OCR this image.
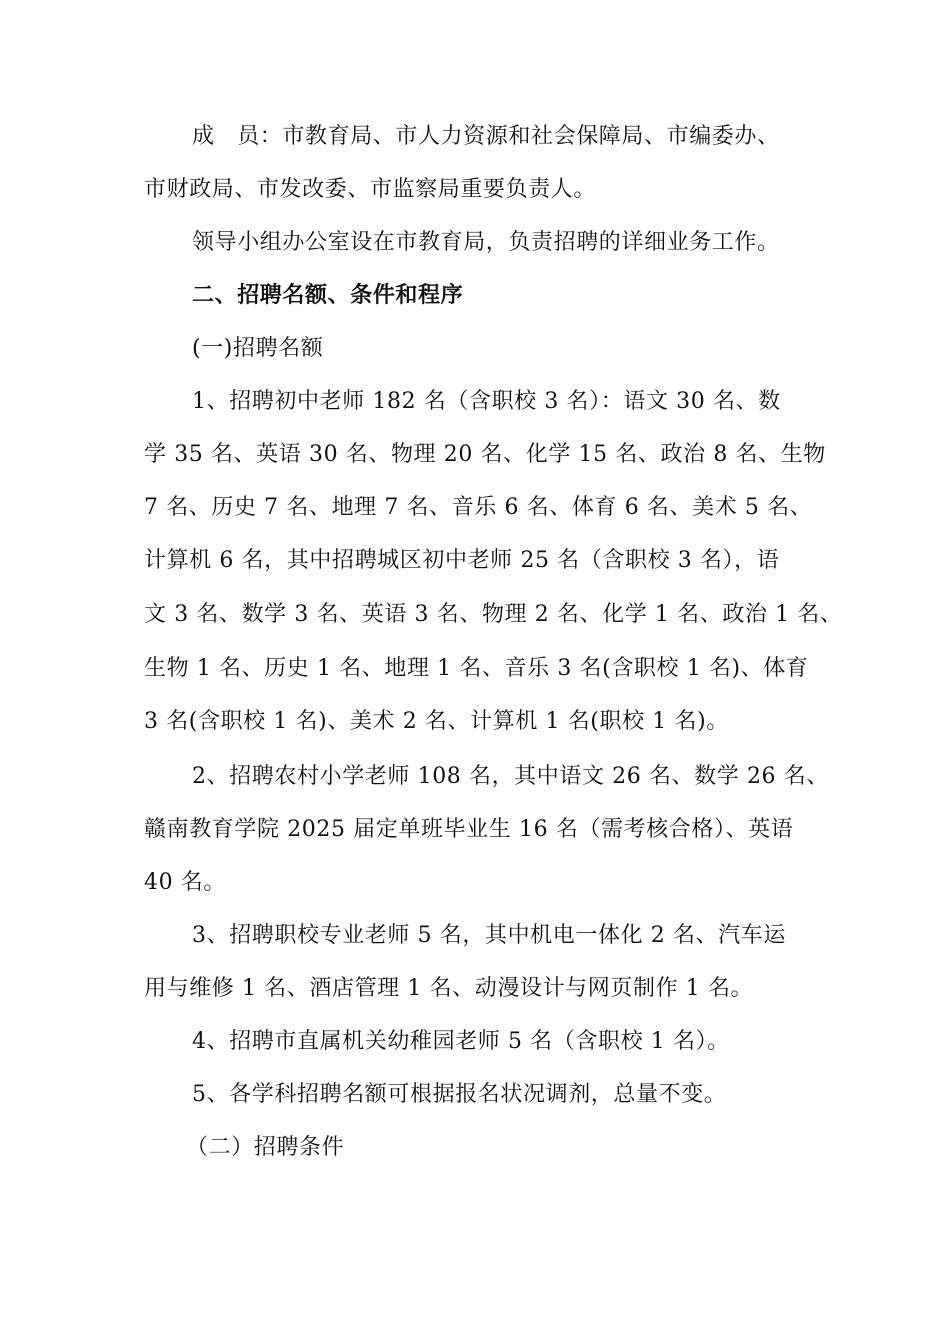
成　员：市教育局、市人力资源和社会保障局、市编委办、
市财政局、市发改委、市监察局重要负责人。
领导小组办公室设在市教育局，负责招聘的详细业务工作。
二、招聘名额、条件和程序
(一)招聘名额
1、招聘初中老师 182 名（含职校 3 名）：语文 30 名、数
学 35 名、英语 30 名、物理 20 名、化学 15 名、政治 8 名、生物
7 名、历史 7 名、地理 7 名、音乐 6 名、体育 6 名、美术 5 名、
计算机 6 名，其中招聘城区初中老师 25 名（含职校 3 名），语
文 3 名、数学 3 名、英语 3 名、物理 2 名、化学 1 名、政治 1 名、
生物 1 名、历史 1 名、地理 1 名、音乐 3 名(含职校 1 名)、体育
3 名(含职校 1 名)、美术 2 名、计算机 1 名(职校 1 名)。
2、招聘农村小学老师 108 名，其中语文 26 名、数学 26 名、
赣南教育学院 2025 届定单班毕业生 16 名（需考核合格）、英语
40 名。
3、招聘职校专业老师 5 名，其中机电一体化 2 名、汽车运
用与维修 1 名、酒店管理 1 名、动漫设计与网页制作 1 名。
4、招聘市直属机关幼稚园老师 5 名（含职校 1 名）。
5、各学科招聘名额可根据报名状况调剂，总量不变。
（二）招聘条件
